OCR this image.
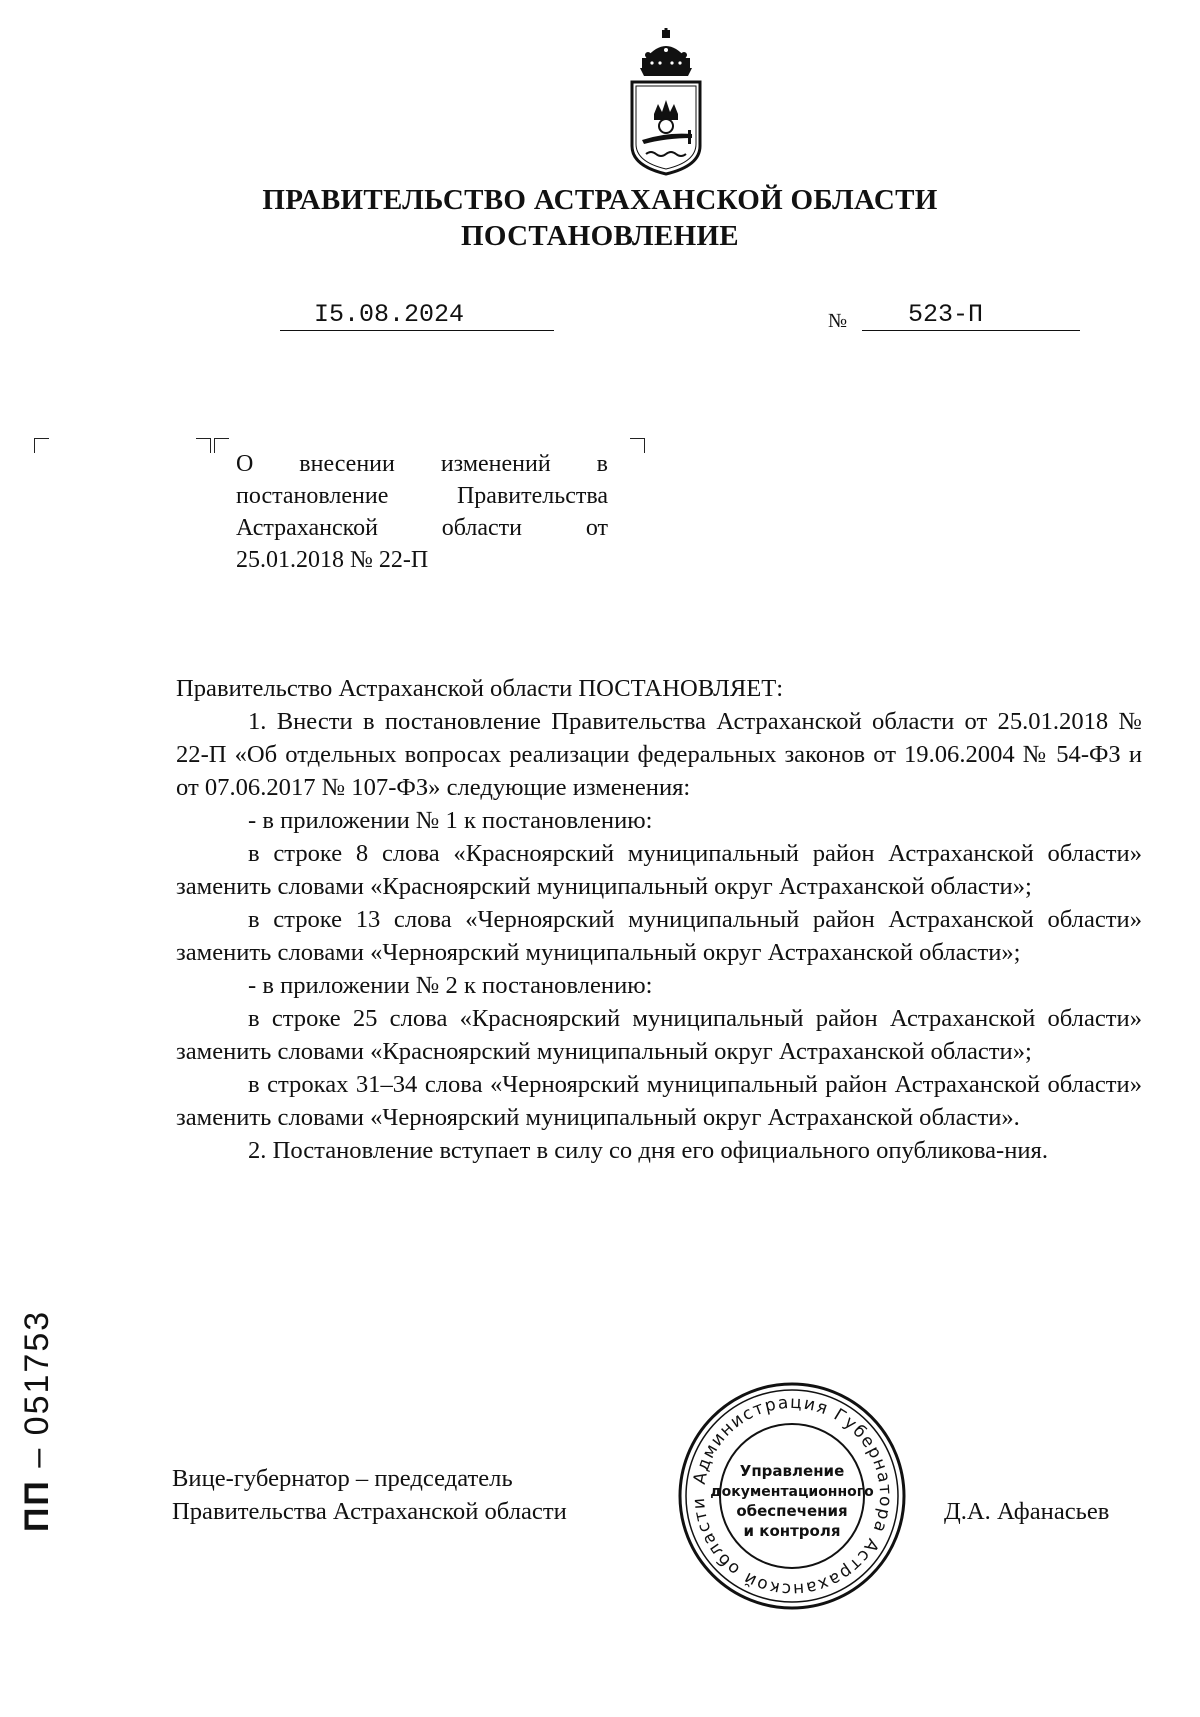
ПРАВИТЕЛЬСТВО АСТРАХАНСКОЙ ОБЛАСТИ
ПОСТАНОВЛЕНИЕ
I5.08.2024	№ 523-П
О внесении изменений в
постановление Правительства
Астраханской области от
25.01.2018 № 22-П

Правительство Астраханской области ПОСТАНОВЛЯЕТ:

1. Внести в постановление Правительства Астраханской области от 25.01.2018 № 22-П «Об отдельных вопросах реализации федеральных законов от 19.06.2004 № 54-ФЗ и от 07.06.2017 № 107-ФЗ» следующие изменения:

- в приложении № 1 к постановлению:

в строке 8 слова «Красноярский муниципальный район Астраханской области» заменить словами «Красноярский муниципальный округ Астраханской области»;

в строке 13 слова «Черноярский муниципальный район Астраханской области» заменить словами «Черноярский муниципальный округ Астраханской области»;

- в приложении № 2 к постановлению:

в строке 25 слова «Красноярский муниципальный район Астраханской области» заменить словами «Красноярский муниципальный округ Астраханской области»;

в строках 31–34 слова «Черноярский муниципальный район Астраханской области» заменить словами «Черноярский муниципальный округ Астраханской области».

2. Постановление вступает в силу со дня его официального опубликова-ния.

Вице-губернатор – председатель
Правительства Астраханской области	Д.А. Афанасьев
Администрация Губернатора Астраханской области
Управление
документационного
обеспечения
и контроля
ПП – 051753
